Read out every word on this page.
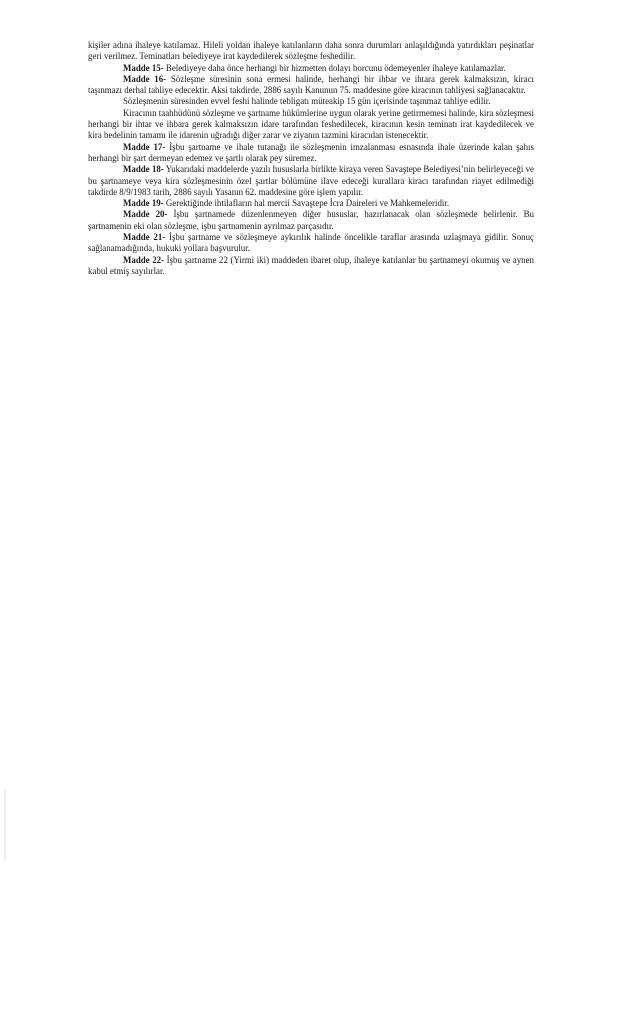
kişiler adına ihaleye katılamaz. Hileli yoldan ihaleye katılanların daha sonra durumları anlaşıldığında yatırdıkları peşinatlar geri verilmez. Teminatları belediyeye irat kaydedilerek sözleşme feshedilir.

Madde 15- Belediyeye daha önce herhangi bir hizmetten dolayı borcunu ödemeyenler ihaleye katılamazlar.

Madde 16- Sözleşme süresinin sona ermesi halinde, herhangi bir ihbar ve ihtara gerek kalmaksızın, kiracı taşınmazı derhal tahliye edecektir. Aksi takdirde, 2886 sayılı Kanunun 75. maddesine göre kiracının tahliyesi sağlanacaktır.

Sözleşmenin süresinden evvel feshi halinde tebligatı müteakip 15 gün içerisinde taşınmaz tahliye edilir.

Kiracının taahhüdünü sözleşme ve şartname hükümlerine uygun olarak yerine getirmemesi halinde, kira sözleşmesi herhangi bir ihtar ve ihbara gerek kalmaksızın idare tarafından feshedilecek, kiracının kesin teminatı irat kaydedilecek ve kira bedelinin tamamı ile idarenin uğradığı diğer zarar ve ziyanın tazmini kiracıdan istenecektir.

Madde 17- İşbu şartname ve ihale tutanağı ile sözleşmenin imzalanması esnasında ihale üzerinde kalan şahıs herhangi bir şart dermeyan edemez ve şartlı olarak pey süremez.

Madde 18- Yukarıdaki maddelerde yazılı hususlarla birlikte kiraya veren Savaştepe Belediyesi’nin belirleyeceği ve bu şartnameye veya kira sözleşmesinin özel şartlar bölümüne ilave edeceği kurallara kiracı tarafından riayet edilmediği takdirde 8/9/1983 tarih, 2886 sayılı Yasanın 62. maddesine göre işlem yapılır.

Madde 19- Gerektiğinde ihtilafların hal mercii Savaştepe İcra Daireleri ve Mahkemeleridir.

Madde 20- İşbu şartnamede düzenlenmeyen diğer hususlar, hazırlanacak olan sözleşmede belirlenir. Bu şartnamenin eki olan sözleşme, işbu şartnamenin ayrılmaz parçasıdır.

Madde 21- İşbu şartname ve sözleşmeye aykırılık halinde öncelikle taraflar arasında uzlaşmaya gidilir. Sonuç sağlanamadığında, hukuki yollara başvurulur.

Madde 22- İşbu şartname 22 (Yirmi iki) maddeden ibaret olup, ihaleye katılanlar bu şartnameyi okumuş ve aynen kabul etmiş sayılırlar.
